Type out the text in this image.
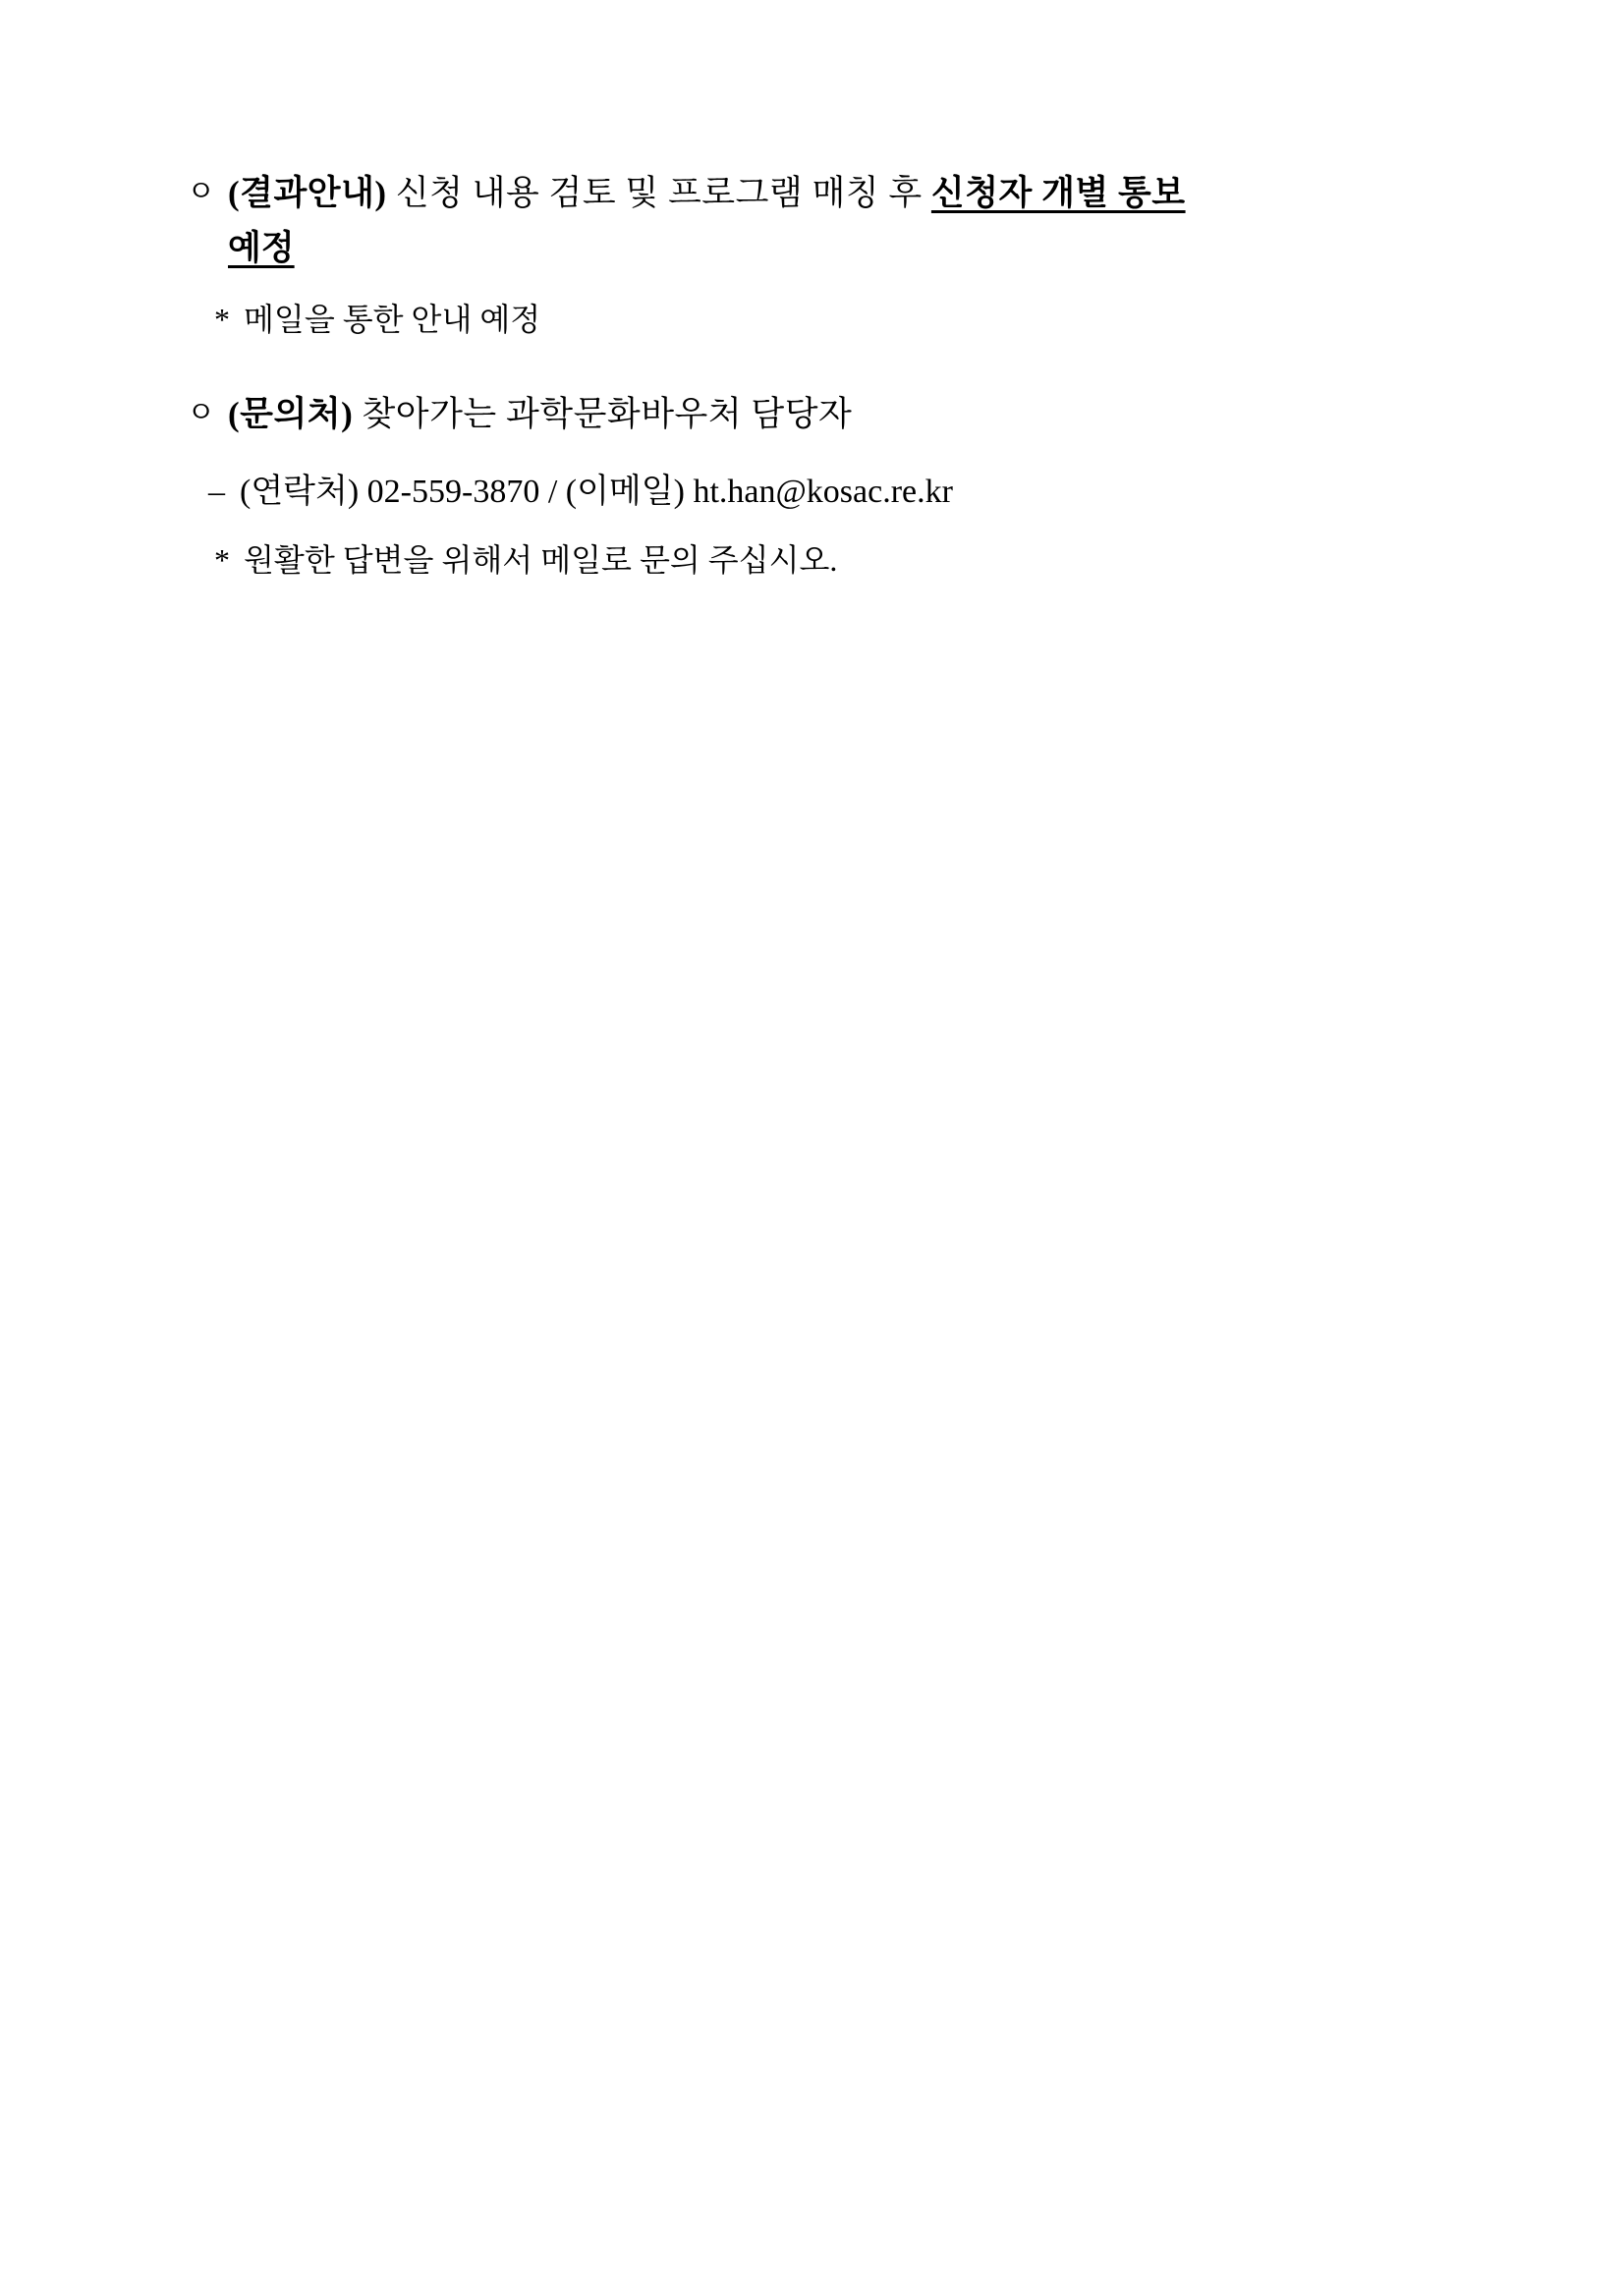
ㅇ (결과안내) 신청 내용 검토 및 프로그램 매칭 후 신청자 개별 통보
예정
* 메일을 통한 안내 예정
ㅇ (문의처) 찾아가는 과학문화바우처 담당자
– (연락처) 02-559-3870 / (이메일) ht.han@kosac.re.kr
* 원활한 답변을 위해서 메일로 문의 주십시오.
